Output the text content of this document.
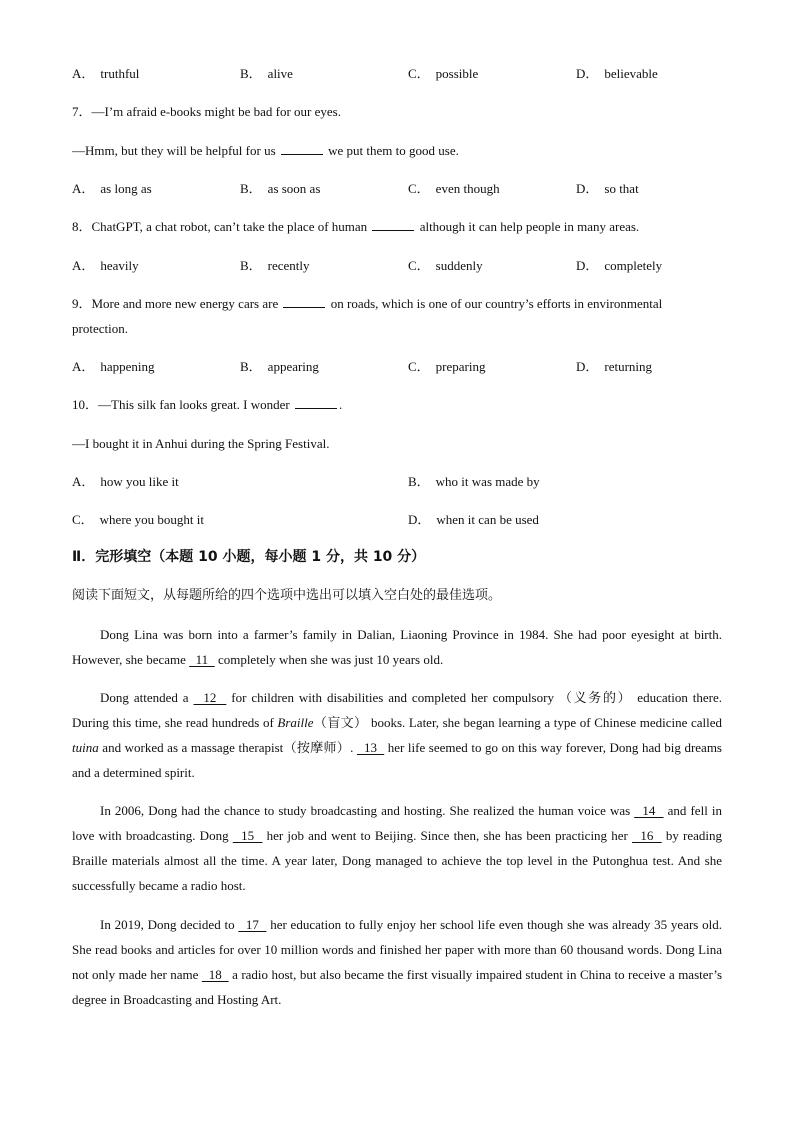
A． truthful	B． alive	C． possible	D． believable
7．—I’m afraid e-books might be bad for our eyes.
—Hmm, but they will be helpful for us	we put them to good use.
A． as long as	B． as soon as	C． even though	D． so that
8．ChatGPT, a chat robot, can’t take the place of human	although it can help people in many areas.
A． heavily	B． recently	C． suddenly	D． completely
9．More and more new energy cars are	on roads, which is one of our country’s efforts in environmental
protection.
A． happening	B． appearing	C． preparing	D． returning
10．—This silk fan looks great. I wonder	.
—I bought it in Anhui during the Spring Festival.
A． how you like it	B． who it was made by
C． where you bought it	D． when it can be used
Ⅱ．完形填空（本题 10 小题，每小题 1 分，共 10 分）
阅读下面短文，从每题所给的四个选项中选出可以填入空白处的最佳选项。
Dong Lina was born into a farmer’s family in Dalian, Liaoning Province in 1984. She had poor eyesight at birth. However, she became   11   completely when she was just 10 years old.
Dong attended a   12   for children with disabilities and completed her compulsory （义务的） education there. During this time, she read hundreds of Braille（盲文） books. Later, she began learning a type of Chinese medicine called tuina and worked as a massage therapist（按摩师）.   13   her life seemed to go on this way forever, Dong had big dreams and a determined spirit.
In 2006, Dong had the chance to study broadcasting and hosting. She realized the human voice was   14   and fell in love with broadcasting. Dong   15   her job and went to Beijing. Since then, she has been practicing her   16   by reading Braille materials almost all the time. A year later, Dong managed to achieve the top level in the Putonghua test. And she successfully became a radio host.
In 2019, Dong decided to   17   her education to fully enjoy her school life even though she was already 35 years old. She read books and articles for over 10 million words and finished her paper with more than 60 thousand words. Dong Lina not only made her name   18   a radio host, but also became the first visually impaired student in China to receive a master’s degree in Broadcasting and Hosting Art.
